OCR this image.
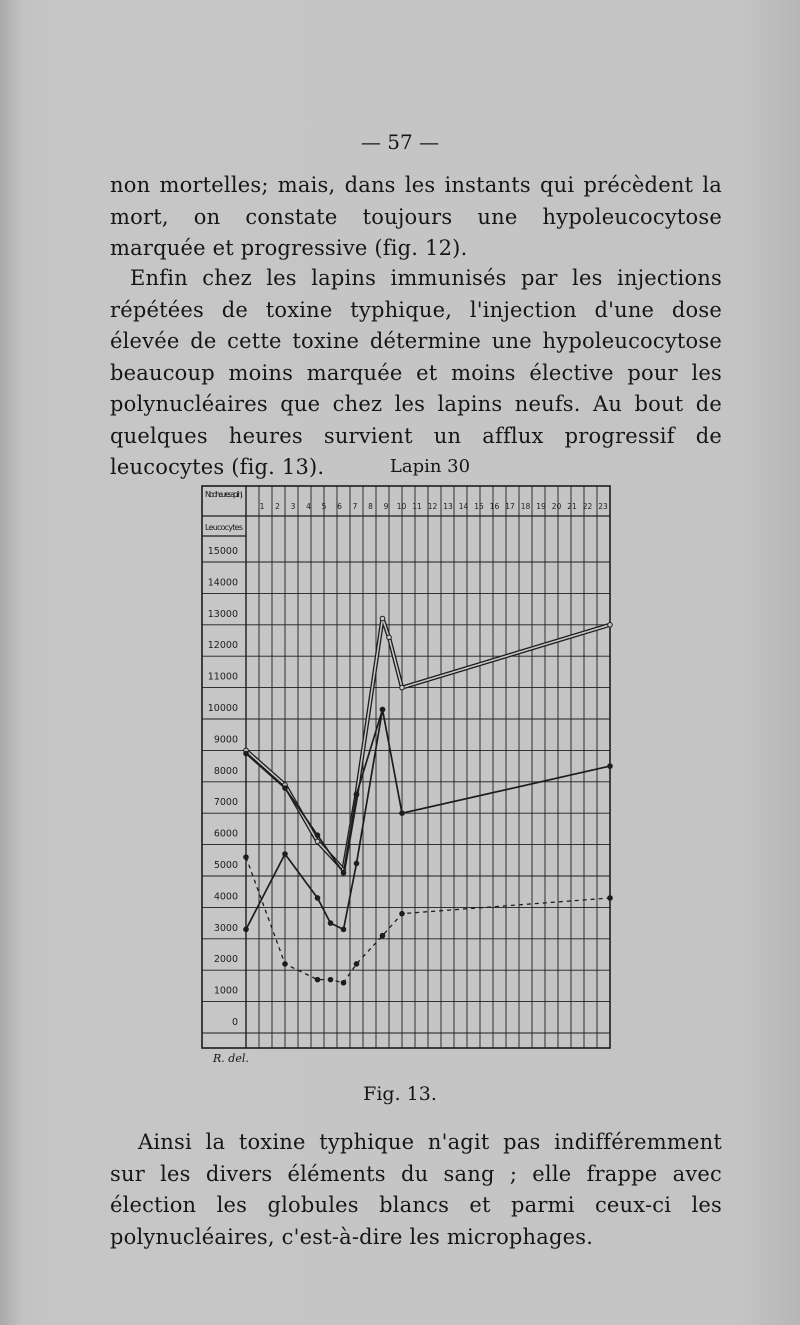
— 57 —
non mortelles; mais, dans les instants qui précèdent la mort, on constate toujours une hypoleucocytose marquée et progressive (fig. 12).
Enfin chez les lapins immunisés par les injections répétées de toxine typhique, l'injection d'une dose élevée de cette toxine détermine une hypoleucocytose beaucoup moins marquée et moins élective pour les polynucléaires que chez les lapins neufs. Au bout de quelques heures survient un afflux progressif de leucocytes (fig. 13).	Lapin 30
Nb d'heures ap. l inj.
Leucocytes
1 2 3 4 5 6 7 8 9 10 11 12 13 14 15 16 17 18 19 20 21 22 23
15000
14000
13000
12000
11000
10000
9000
8000
7000
6000
5000
4000
3000
2000
1000
0
R. del.
Fig. 13.
Ainsi la toxine typhique n'agit pas indifféremment sur les divers éléments du sang ; elle frappe avec élection les globules blancs et parmi ceux-ci les polynucléaires, c'est-à-dire les microphages.
